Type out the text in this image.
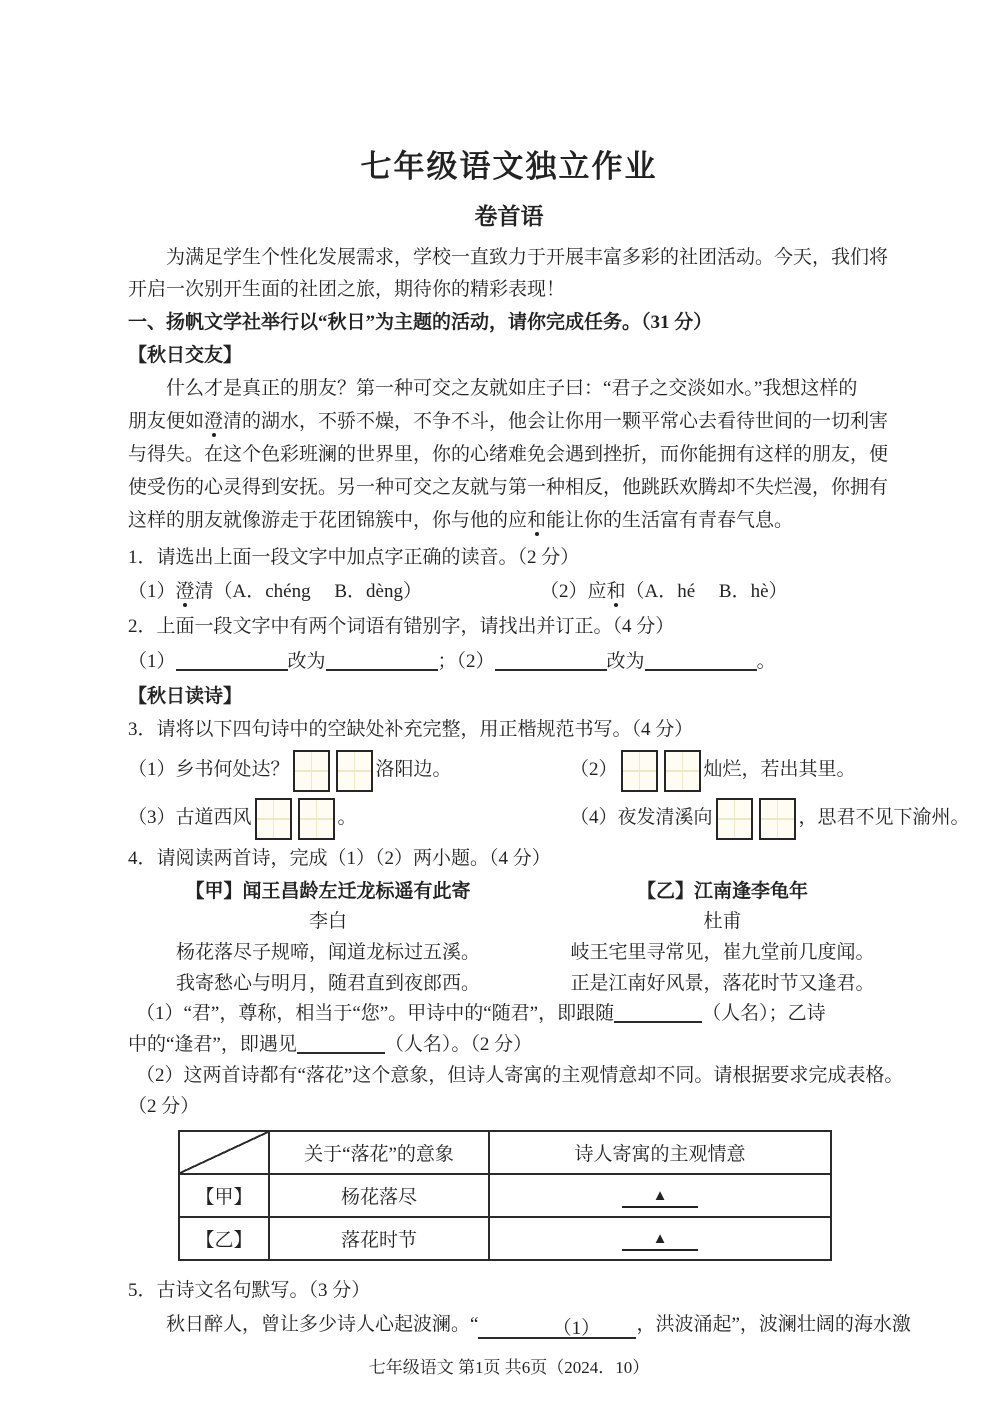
七年级语文独立作业
卷首语
为满足学生个性化发展需求，学校一直致力于开展丰富多彩的社团活动。今天，我们将
开启一次别开生面的社团之旅，期待你的精彩表现！
一、扬帆文学社举行以“秋日”为主题的活动，请你完成任务。（31 分）
【秋日交友】
什么才是真正的朋友？第一种可交之友就如庄子曰：“君子之交淡如水。”我想这样的
朋友便如澄清的湖水，不骄不燥，不争不斗，他会让你用一颗平常心去看待世间的一切利害
与得失。在这个色彩班澜的世界里，你的心绪难免会遇到挫折，而你能拥有这样的朋友，便
使受伤的心灵得到安抚。另一种可交之友就与第一种相反，他跳跃欢腾却不失烂漫，你拥有
这样的朋友就像游走于花团锦簇中，你与他的应和能让你的生活富有青春气息。
1．请选出上面一段文字中加点字正确的读音。（2 分）
（1）澄清（A．chéng　 B．dèng）	（2）应和（A．hé　 B．hè）
2．上面一段文字中有两个词语有错别字，请找出并订正。（4 分）
（1）	改为	；（2）	改为	。
【秋日读诗】
3．请将以下四句诗中的空缺处补充完整，用正楷规范书写。（4 分）
（1）乡书何处达？	洛阳边。	（2）	灿烂，若出其里。
（3）古道西风	。	（4）夜发清溪向	，思君不见下渝州。
4．请阅读两首诗，完成（1）（2）两小题。（4 分）
【甲】闻王昌龄左迁龙标遥有此寄
李白
杨花落尽子规啼，闻道龙标过五溪。
我寄愁心与明月，随君直到夜郎西。
【乙】江南逢李龟年
杜甫
岐王宅里寻常见，崔九堂前几度闻。
正是江南好风景，落花时节又逢君。
（1）“君”，尊称，相当于“您”。甲诗中的“随君”，即跟随	（人名）；乙诗
中的“逢君”，即遇见	（人名）。（2 分）
（2）这两首诗都有“落花”这个意象，但诗人寄寓的主观情意却不同。请根据要求完成表格。
（2 分）
	关于“落花”的意象	诗人寄寓的主观情意
【甲】	杨花落尽	▲
【乙】	落花时节	▲
5．古诗文名句默写。（3 分）
秋日醉人，曾让多少诗人心起波澜。“	（1） ，洪波涌起”，波澜壮阔的海水激
七年级语文 第1页 共6页（2024．10）
